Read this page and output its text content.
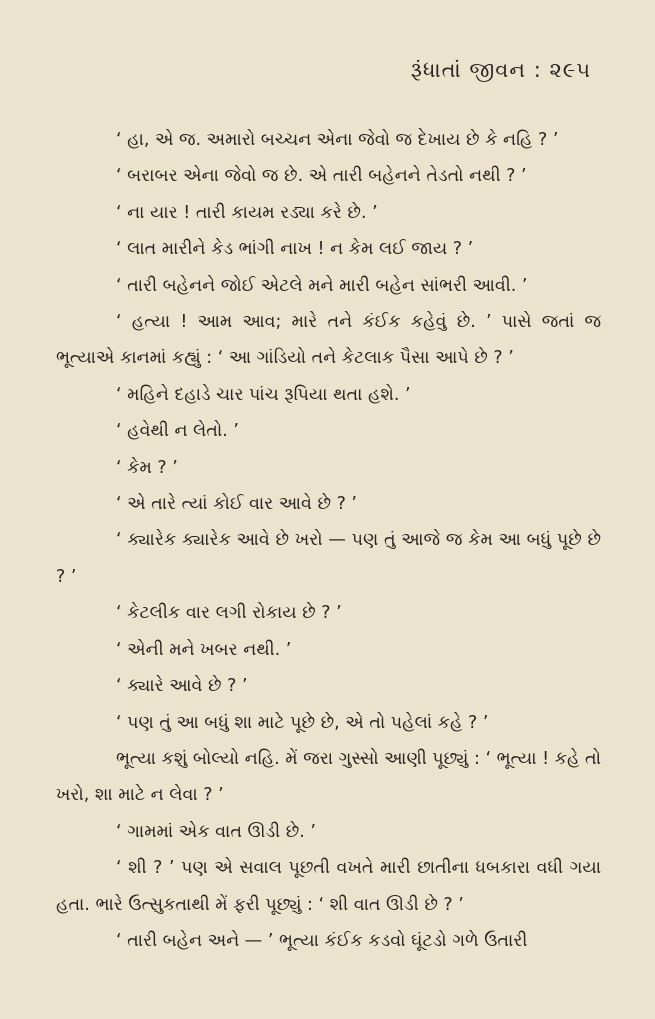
રૂંધાતાં જીવન : ૨૯૫

‘ હા, એ જ. અમારો બચ્ચન એના જેવો જ દેખાય છે કે નહિ ? ’

‘ બરાબર એના જેવો જ છે. એ તારી બહેનને તેડતો નથી ? ’

‘ ના યાર ! તારી કાયમ રડ્યા કરે છે. ’

‘ લાત મારીને કેડ ભાંગી નાખ ! ન કેમ લઈ જાય ? ’

‘ તારી બહેનને જોઈ એટલે મને મારી બહેન સાંભરી આવી. ’

‘ હત્યા ! આમ આવ; મારે તને કંઈક કહેવું છે. ’ પાસે જતાં જ ભૂત્યાએ કાનમાં કહ્યું : ‘ આ ગાંડિયો તને કેટલાક પૈસા આપે છે ? ’

‘ મહિને દહાડે ચાર પાંચ રૂપિયા થતા હશે. ’

‘ હવેથી ન લેતો. ’

‘ કેમ ? ’

‘ એ તારે ત્યાં કોઈ વાર આવે છે ? ’

‘ ક્યારેક ક્યારેક આવે છે ખરો — પણ તું આજે જ કેમ આ બધું પૂછે છે ? ’

‘ કેટલીક વાર લગી રોકાય છે ? ’

‘ એની મને ખબર નથી. ’

‘ ક્યારે આવે છે ? ’

‘ પણ તું આ બધું શા માટે પૂછે છે, એ તો પહેલાં કહે ? ’

ભૂત્યા કશું બોલ્યો નહિ. મેં જરા ગુસ્સો આણી પૂછ્યું : ‘ ભૂત્યા ! કહે તો ખરો, શા માટે ન લેવા ? ’

‘ ગામમાં એક વાત ઊડી છે. ’

‘ શી ? ’ પણ એ સવાલ પૂછતી વખતે મારી છાતીના ધબકારા વધી ગયા હતા. ભારે ઉત્સુકતાથી મેં ફરી પૂછ્યું : ‘ શી વાત ઊડી છે ? ’

‘ તારી બહેન અને — ’ ભૂત્યા કંઈક કડવો ઘૂંટડો ગળે ઉતારી
